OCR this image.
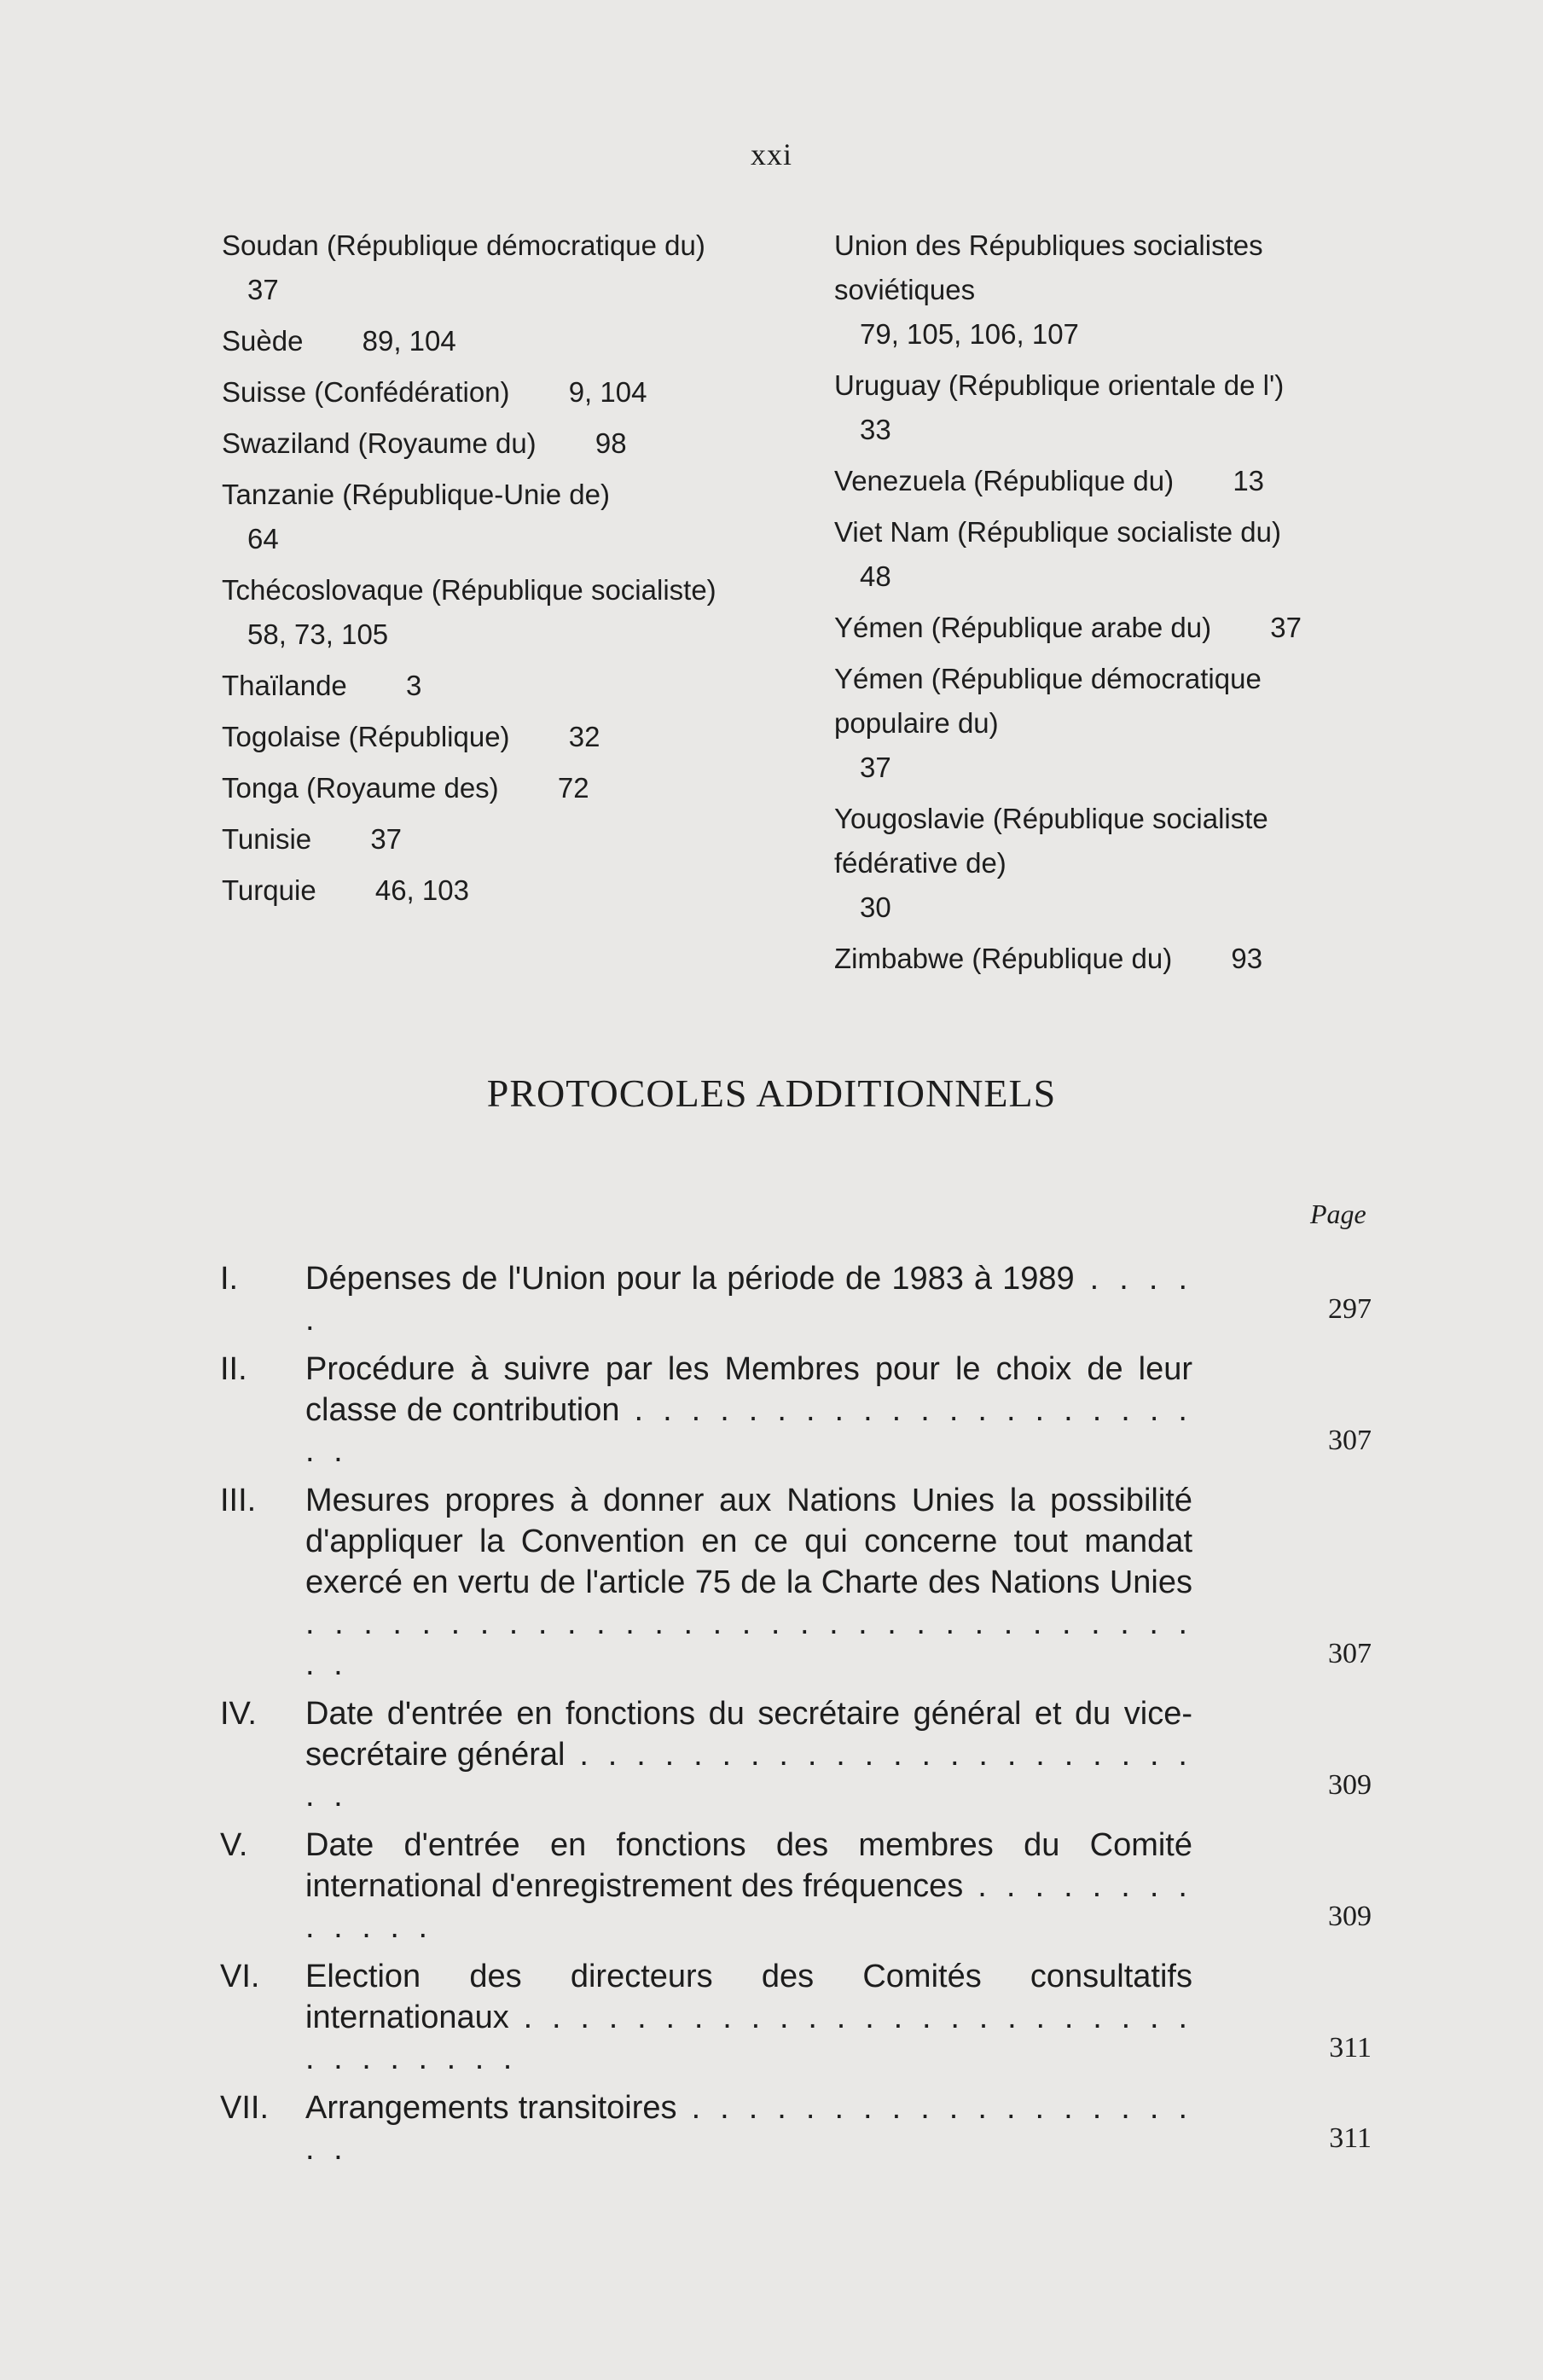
xxi
Soudan (République démocratique du)
37
Suède 89, 104
Suisse (Confédération) 9, 104
Swaziland (Royaume du) 98
Tanzanie (République-Unie de)
64
Tchécoslovaque (République socialiste)
58, 73, 105
Thaïlande 3
Togolaise (République) 32
Tonga (Royaume des) 72
Tunisie 37
Turquie 46, 103
Union des Républiques socialistes soviétiques
79, 105, 106, 107
Uruguay (République orientale de l')
33
Venezuela (République du) 13
Viet Nam (République socialiste du)
48
Yémen (République arabe du) 37
Yémen (République démocratique populaire du)
37
Yougoslavie (République socialiste fédérative de)
30
Zimbabwe (République du) 93
PROTOCOLES ADDITIONNELS
Page
I.	Dépenses de l'Union pour la période de 1983 à 1989 . . . . .	297
II.	Procédure à suivre par les Membres pour le choix de leur classe de contribution . . . . . . . . . . . . . . . . . . . . . .	307
III.	Mesures propres à donner aux Nations Unies la possibilité d'appliquer la Convention en ce qui concerne tout mandat exercé en vertu de l'article 75 de la Charte des Nations Unies . . . . . . . . . . . . . . . . . . . . . . . . . . . . . . . . .	307
IV.	Date d'entrée en fonctions du secrétaire général et du vice-secrétaire général . . . . . . . . . . . . . . . . . . . . . . . .	309
V.	Date d'entrée en fonctions des membres du Comité international d'enregistrement des fréquences . . . . . . . . . . . . .	309
VI.	Election des directeurs des Comités consultatifs internationaux . . . . . . . . . . . . . . . . . . . . . . . . . . . . . . . .	311
VII.	Arrangements transitoires . . . . . . . . . . . . . . . . . . . .	311
